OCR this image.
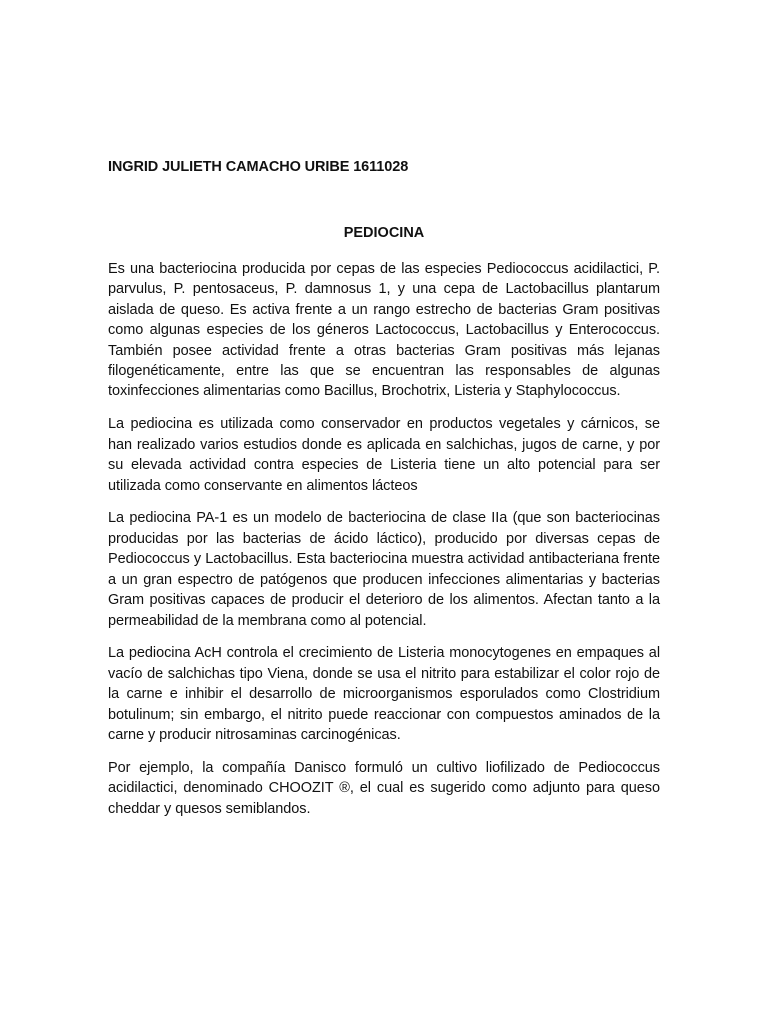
INGRID JULIETH CAMACHO URIBE 1611028

PEDIOCINA

Es una bacteriocina producida por cepas de las especies Pediococcus acidilactici, P. parvulus, P. pentosaceus, P. damnosus 1, y una cepa de Lactobacillus plantarum aislada de queso. Es activa frente a un rango estrecho de bacterias Gram positivas como algunas especies de los géneros Lactococcus, Lactobacillus y Enterococcus. También posee actividad frente a otras bacterias Gram positivas más lejanas filogenéticamente, entre las que se encuentran las responsables de algunas toxinfecciones alimentarias como Bacillus, Brochotrix, Listeria y Staphylococcus.

La pediocina es utilizada como conservador en productos vegetales y cárnicos, se han realizado varios estudios donde es aplicada en salchichas, jugos de carne, y por su elevada actividad contra especies de Listeria tiene un alto potencial para ser utilizada como conservante en alimentos lácteos

La pediocina PA-1 es un modelo de bacteriocina de clase IIa (que son bacteriocinas producidas por las bacterias de ácido láctico), producido por diversas cepas de Pediococcus y Lactobacillus. Esta bacteriocina muestra actividad antibacteriana frente a un gran espectro de patógenos que producen infecciones alimentarias y bacterias Gram positivas capaces de producir el deterioro de los alimentos. Afectan tanto a la permeabilidad de la membrana como al potencial.

La pediocina AcH controla el crecimiento de Listeria monocytogenes en empaques al vacío de salchichas tipo Viena, donde se usa el nitrito para estabilizar el color rojo de la carne e inhibir el desarrollo de microorganismos esporulados como Clostridium botulinum; sin embargo, el nitrito puede reaccionar con compuestos aminados de la carne y producir nitrosaminas carcinogénicas.

Por ejemplo, la compañía Danisco formuló un cultivo liofilizado de Pediococcus acidilactici, denominado CHOOZIT ®, el cual es sugerido como adjunto para queso cheddar y quesos semiblandos.
